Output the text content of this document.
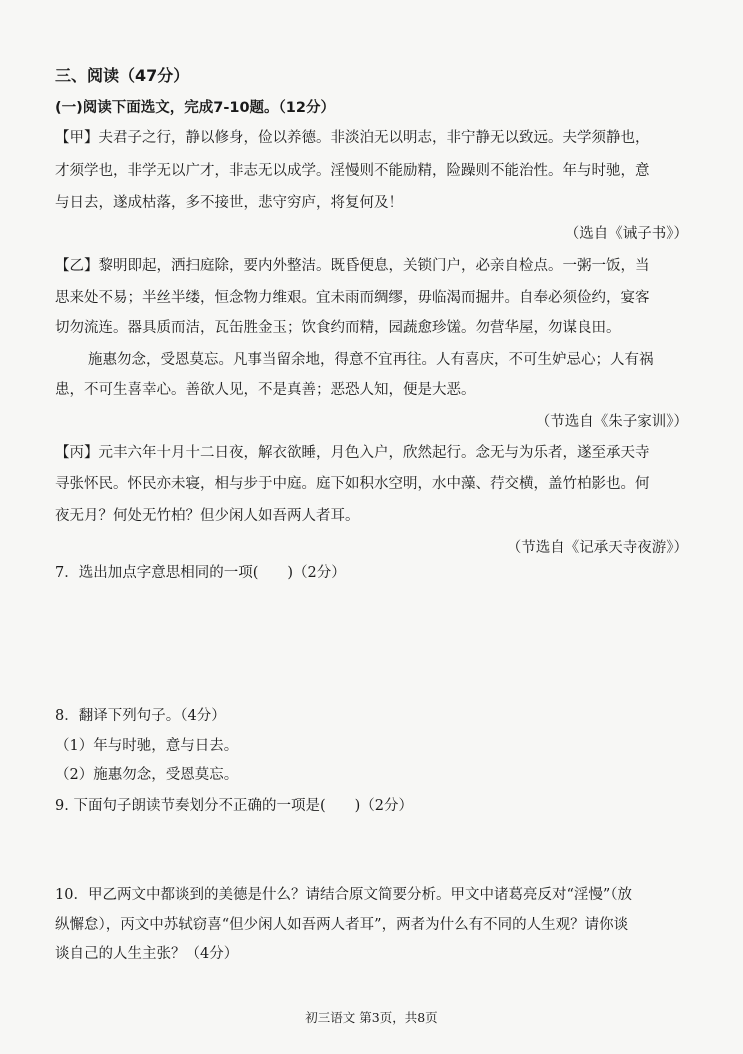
三、阅读（47分）
(一)阅读下面选文，完成7-10题。（12分）
【甲】夫君子之行，静以修身，俭以养德。非淡泊无以明志，非宁静无以致远。夫学须静也，
才须学也，非学无以广才，非志无以成学。淫慢则不能励精，险躁则不能治性。年与时驰，意
与日去，遂成枯落，多不接世，悲守穷庐，将复何及！
（选自《诫子书》）
【乙】黎明即起，洒扫庭除，要内外整洁。既昏便息，关锁门户，必亲自检点。一粥一饭，当
思来处不易；半丝半缕，恒念物力维艰。宜未雨而绸缪，毋临渴而掘井。自奉必须俭约，宴客
切勿流连。器具质而洁，瓦缶胜金玉；饮食约而精，园蔬愈珍馐。勿营华屋，勿谋良田。
施惠勿念，受恩莫忘。凡事当留余地，得意不宜再往。人有喜庆，不可生妒忌心；人有祸
患，不可生喜幸心。善欲人见，不是真善；恶恐人知，便是大恶。
（节选自《朱子家训》）
【丙】元丰六年十月十二日夜，解衣欲睡，月色入户，欣然起行。念无与为乐者，遂至承天寺
寻张怀民。怀民亦未寝，相与步于中庭。庭下如积水空明，水中藻、荇交横，盖竹柏影也。何
夜无月？何处无竹柏？但少闲人如吾两人者耳。
（节选自《记承天寺夜游》）
7．选出加点字意思相同的一项(　　)（2分）
8．翻译下列句子。（4分）
（1）年与时驰，意与日去。
（2）施惠勿念，受恩莫忘。
9. 下面句子朗读节奏划分不正确的一项是(　　)（2分）
10．甲乙两文中都谈到的美德是什么？请结合原文简要分析。甲文中诸葛亮反对“淫慢”（放
纵懈怠），丙文中苏轼窃喜“但少闲人如吾两人者耳”，两者为什么有不同的人生观？请你谈
谈自己的人生主张？（4分）
初三语文 第3页，共8页
